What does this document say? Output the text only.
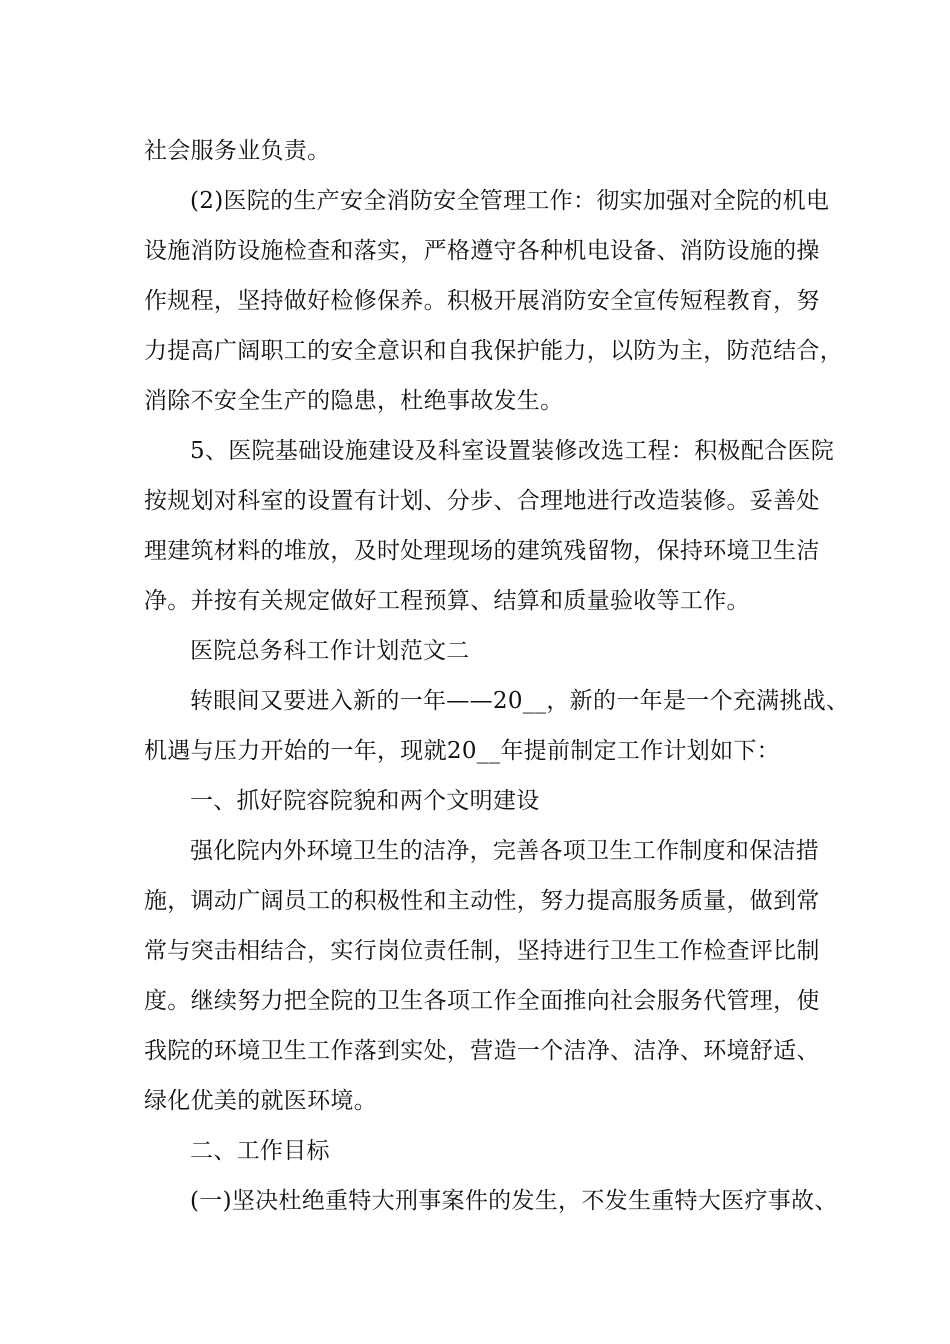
社会服务业负责。
(2)医院的生产安全消防安全管理工作：彻实加强对全院的机电
设施消防设施检查和落实，严格遵守各种机电设备、消防设施的操
作规程，坚持做好检修保养。积极开展消防安全宣传短程教育，努
力提高广阔职工的安全意识和自我保护能力，以防为主，防范结合，
消除不安全生产的隐患，杜绝事故发生。
5、医院基础设施建设及科室设置装修改选工程：积极配合医院
按规划对科室的设置有计划、分步、合理地进行改造装修。妥善处
理建筑材料的堆放，及时处理现场的建筑残留物，保持环境卫生洁
净。并按有关规定做好工程预算、结算和质量验收等工作。
医院总务科工作计划范文二
转眼间又要进入新的一年——20__，新的一年是一个充满挑战、
机遇与压力开始的一年，现就20__年提前制定工作计划如下：
一、抓好院容院貌和两个文明建设
强化院内外环境卫生的洁净，完善各项卫生工作制度和保洁措
施，调动广阔员工的积极性和主动性，努力提高服务质量，做到常
常与突击相结合，实行岗位责任制，坚持进行卫生工作检查评比制
度。继续努力把全院的卫生各项工作全面推向社会服务代管理，使
我院的环境卫生工作落到实处，营造一个洁净、洁净、环境舒适、
绿化优美的就医环境。
二、工作目标
(一)坚决杜绝重特大刑事案件的发生，不发生重特大医疗事故、
